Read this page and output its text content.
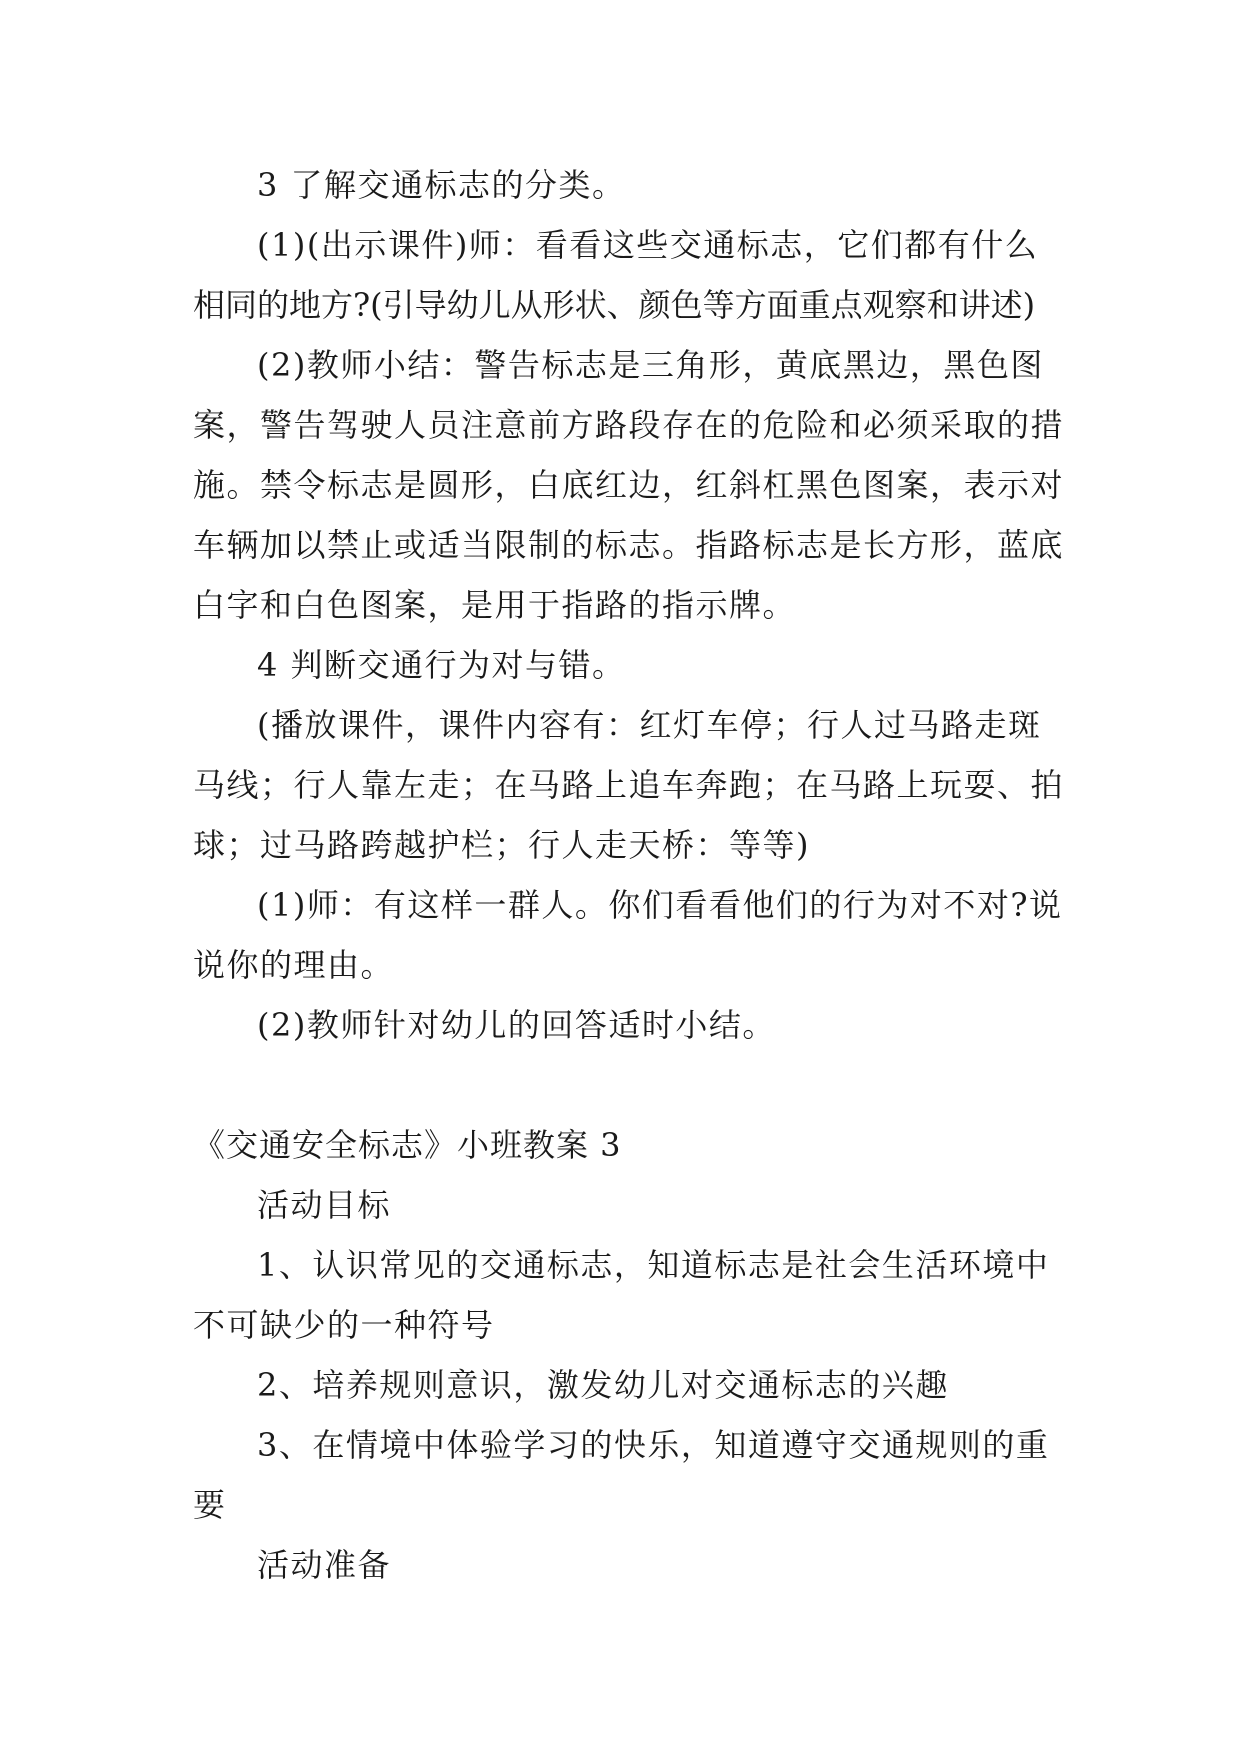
3 了解交通标志的分类。
(1)(出示课件)师：看看这些交通标志，它们都有什么
相同的地方?(引导幼儿从形状、颜色等方面重点观察和讲述)
(2)教师小结：警告标志是三角形，黄底黑边，黑色图
案，警告驾驶人员注意前方路段存在的危险和必须采取的措
施。禁令标志是圆形，白底红边，红斜杠黑色图案，表示对
车辆加以禁止或适当限制的标志。指路标志是长方形，蓝底
白字和白色图案，是用于指路的指示牌。
4 判断交通行为对与错。
(播放课件，课件内容有：红灯车停；行人过马路走斑
马线；行人靠左走；在马路上追车奔跑；在马路上玩耍、拍
球；过马路跨越护栏；行人走天桥：等等)
(1)师：有这样一群人。你们看看他们的行为对不对?说
说你的理由。
(2)教师针对幼儿的回答适时小结。
《交通安全标志》小班教案 3
活动目标
1、认识常见的交通标志，知道标志是社会生活环境中
不可缺少的一种符号
2、培养规则意识，激发幼儿对交通标志的兴趣
3、在情境中体验学习的快乐，知道遵守交通规则的重
要
活动准备
